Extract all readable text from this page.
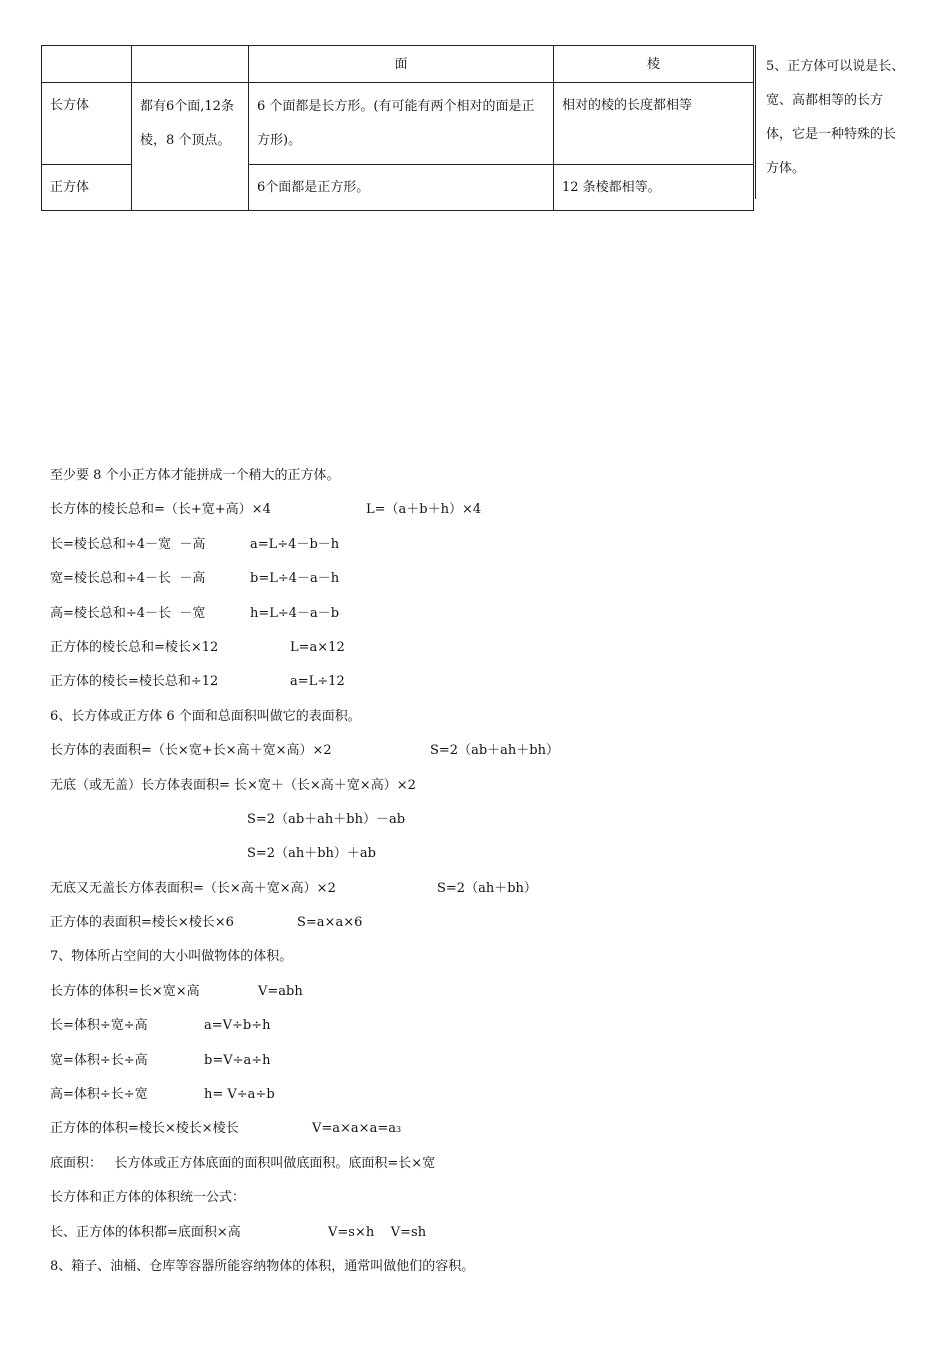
		面	棱

长方体	都有6个面,12条棱，8 个顶点。	6 个面都是长方形。(有可能有两个相对的面是正方形)。	相对的棱的长度都相等

正方体		6个面都是正方形。	12 条棱都相等。
5、正方体可以说是长、宽、高都相等的长方体，它是一种特殊的长方体。
至少要 8 个小正方体才能拼成一个稍大的正方体。
长方体的棱长总和=（长+宽+高）×4	L=（a＋b＋h）×4
长=棱长总和÷4－宽  －高	a=L÷4－b－h
宽=棱长总和÷4－长  －高	b=L÷4－a－h
高=棱长总和÷4－长  －宽	h=L÷4－a－b
正方体的棱长总和=棱长×12	L=a×12
正方体的棱长=棱长总和÷12	a=L÷12
6、长方体或正方体 6 个面和总面积叫做它的表面积。
长方体的表面积=（长×宽+长×高＋宽×高）×2	S=2（ab＋ah＋bh）
无底（或无盖）长方体表面积= 长×宽＋（长×高＋宽×高）×2
S=2（ab＋ah＋bh）－ab
S=2（ah＋bh）＋ab
无底又无盖长方体表面积=（长×高＋宽×高）×2	S=2（ah＋bh）
正方体的表面积=棱长×棱长×6	S=a×a×6
7、物体所占空间的大小叫做物体的体积。
长方体的体积=长×宽×高	V=abh
长=体积÷宽÷高	a=V÷b÷h
宽=体积÷长÷高	b=V÷a÷h
高=体积÷长÷宽	h= V÷a÷b
正方体的体积=棱长×棱长×棱长	V=a×a×a=a3
底面积：   长方体或正方体底面的面积叫做底面积。底面积=长×宽
长方体和正方体的体积统一公式：
长、正方体的体积都=底面积×高	V=s×h    V=sh
8、箱子、油桶、仓库等容器所能容纳物体的体积，通常叫做他们的容积。
